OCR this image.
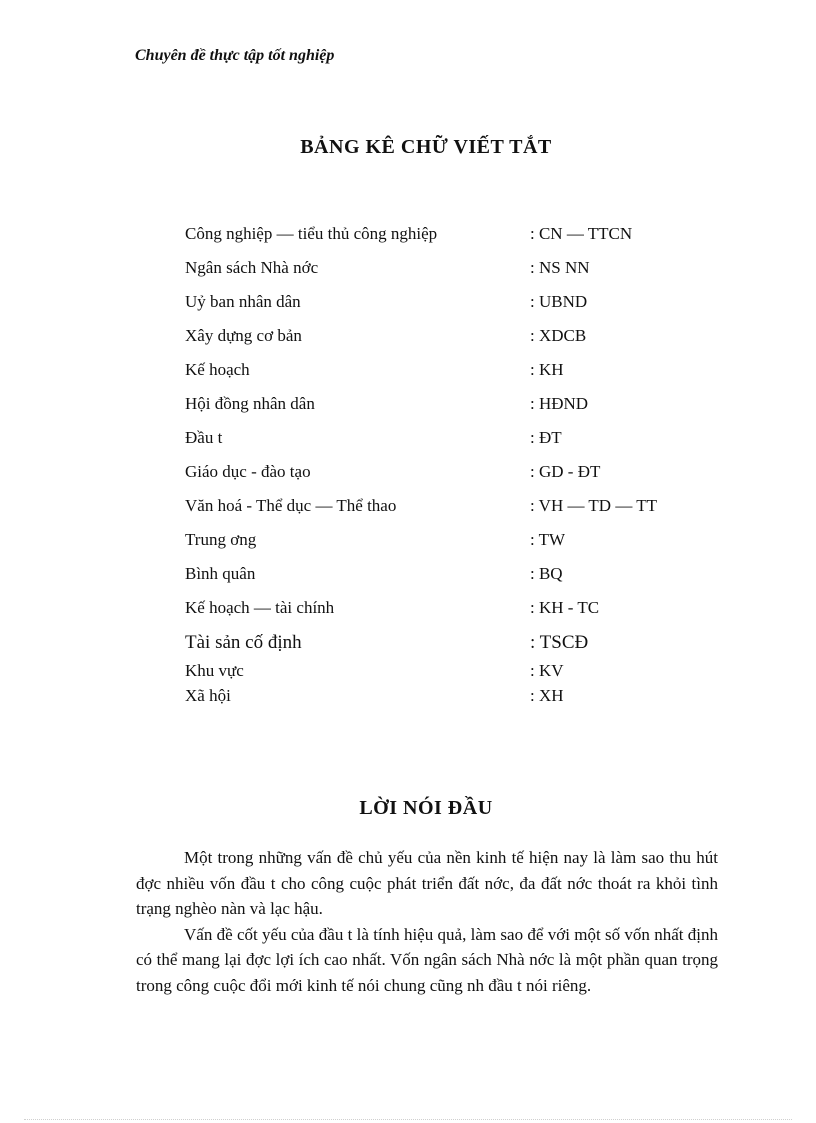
Chuyên đề thực tập tốt nghiệp
BẢNG KÊ CHỮ VIẾT TẮT
Công nghiệp — tiểu thủ công nghiệp	: CN — TTCN
Ngân sách Nhà nớc	: NS NN
Uỷ ban nhân dân	: UBND
Xây dựng cơ bản	: XDCB
Kế hoạch	: KH
Hội đồng nhân dân	: HĐND
Đầu t	: ĐT
Giáo dục - đào tạo	: GD - ĐT
Văn hoá - Thể dục — Thể thao	: VH — TD — TT
Trung ơng	: TW
Bình quân	: BQ
Kế hoạch — tài chính	: KH - TC
Tài sản cố định	: TSCĐ
Khu vực	: KV
Xã hội	: XH
LỜI NÓI ĐẦU

Một trong những vấn đề chủ yếu của nền kinh tế hiện nay là làm sao thu hút đợc nhiều vốn đầu t cho công cuộc phát triển đất nớc, đa đất nớc thoát ra khỏi tình trạng nghèo nàn và lạc hậu.

Vấn đề cốt yếu của đầu t là tính hiệu quả, làm sao để với một số vốn nhất định có thể mang lại đợc lợi ích cao nhất. Vốn ngân sách Nhà nớc là một phần quan trọng trong công cuộc đổi mới kinh tế nói chung cũng nh đầu t nói riêng.
